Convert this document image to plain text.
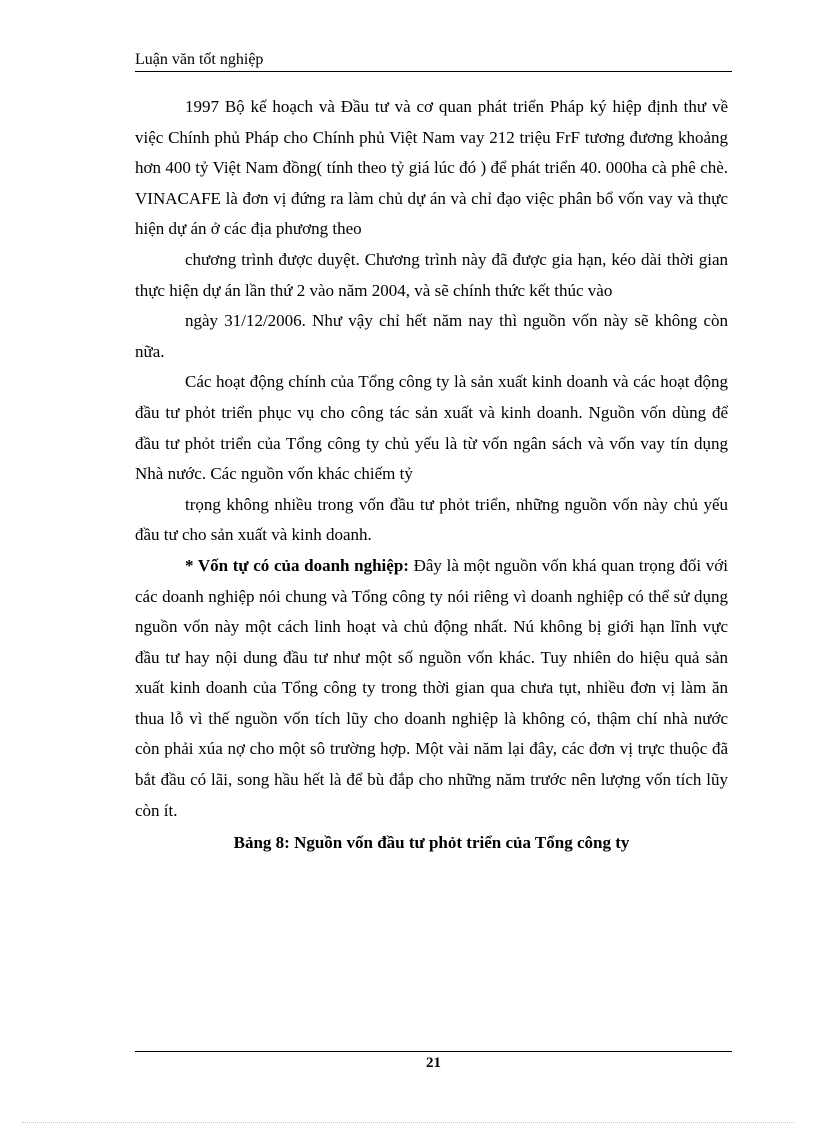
Luận văn tốt nghiệp

1997 Bộ kế hoạch và Đầu tư và cơ quan phát triển Pháp ký hiệp định thư về việc Chính phủ Pháp cho Chính phủ Việt Nam vay 212 triệu FrF tương đương khoảng hơn 400 tỷ Việt Nam đồng( tính theo tỷ giá lúc đó ) để phát triển 40. 000ha cà phê chè. VINACAFE là đơn vị đứng ra làm chủ dự án và chỉ đạo việc phân bổ vốn vay và thực hiện dự án ở các địa phương theo

chương trình được duyệt. Chương trình này đã được gia hạn, kéo dài thời gian thực hiện dự án lần thứ 2 vào năm 2004, và sẽ chính thức kết thúc vào

ngày 31/12/2006. Như vậy chỉ hết năm nay thì nguồn vốn này sẽ không còn nữa.

Các hoạt động chính của Tổng công ty là sản xuất kinh doanh và các hoạt động đầu tư phỏt triển phục vụ cho công tác sản xuất và kinh doanh. Nguồn vốn dùng để đầu tư phỏt triển của Tổng công ty chủ yếu là từ vốn ngân sách và vốn vay tín dụng Nhà nước. Các nguồn vốn khác chiếm tỷ

trọng không nhiều trong vốn đầu tư phỏt triển, những nguồn vốn này chủ yếu đầu tư cho sản xuất và kinh doanh.

* Vốn tự có của doanh nghiệp: Đây là một nguồn vốn khá quan trọng đối với các doanh nghiệp nói chung và Tổng công ty nói riêng vì doanh nghiệp có thể sử dụng nguồn vốn này một cách linh hoạt và chủ động nhất. Nú không bị giới hạn lĩnh vực đầu tư hay nội dung đầu tư như một số nguồn vốn khác. Tuy nhiên do hiệu quả sản xuất kinh doanh của Tổng công ty trong thời gian qua chưa tụt, nhiều đơn vị làm ăn thua lỗ vì thế nguồn vốn tích lũy cho doanh nghiệp là không có, thậm chí nhà nước còn phải xúa nợ cho một sô trường hợp. Một vài năm lại đây, các đơn vị trực thuộc đã bắt đầu có lãi, song hầu hết là để bù đắp cho những năm trước nên lượng vốn tích lũy còn ít.

Bảng 8: Nguồn vốn đầu tư phỏt triển của Tổng công ty

21
